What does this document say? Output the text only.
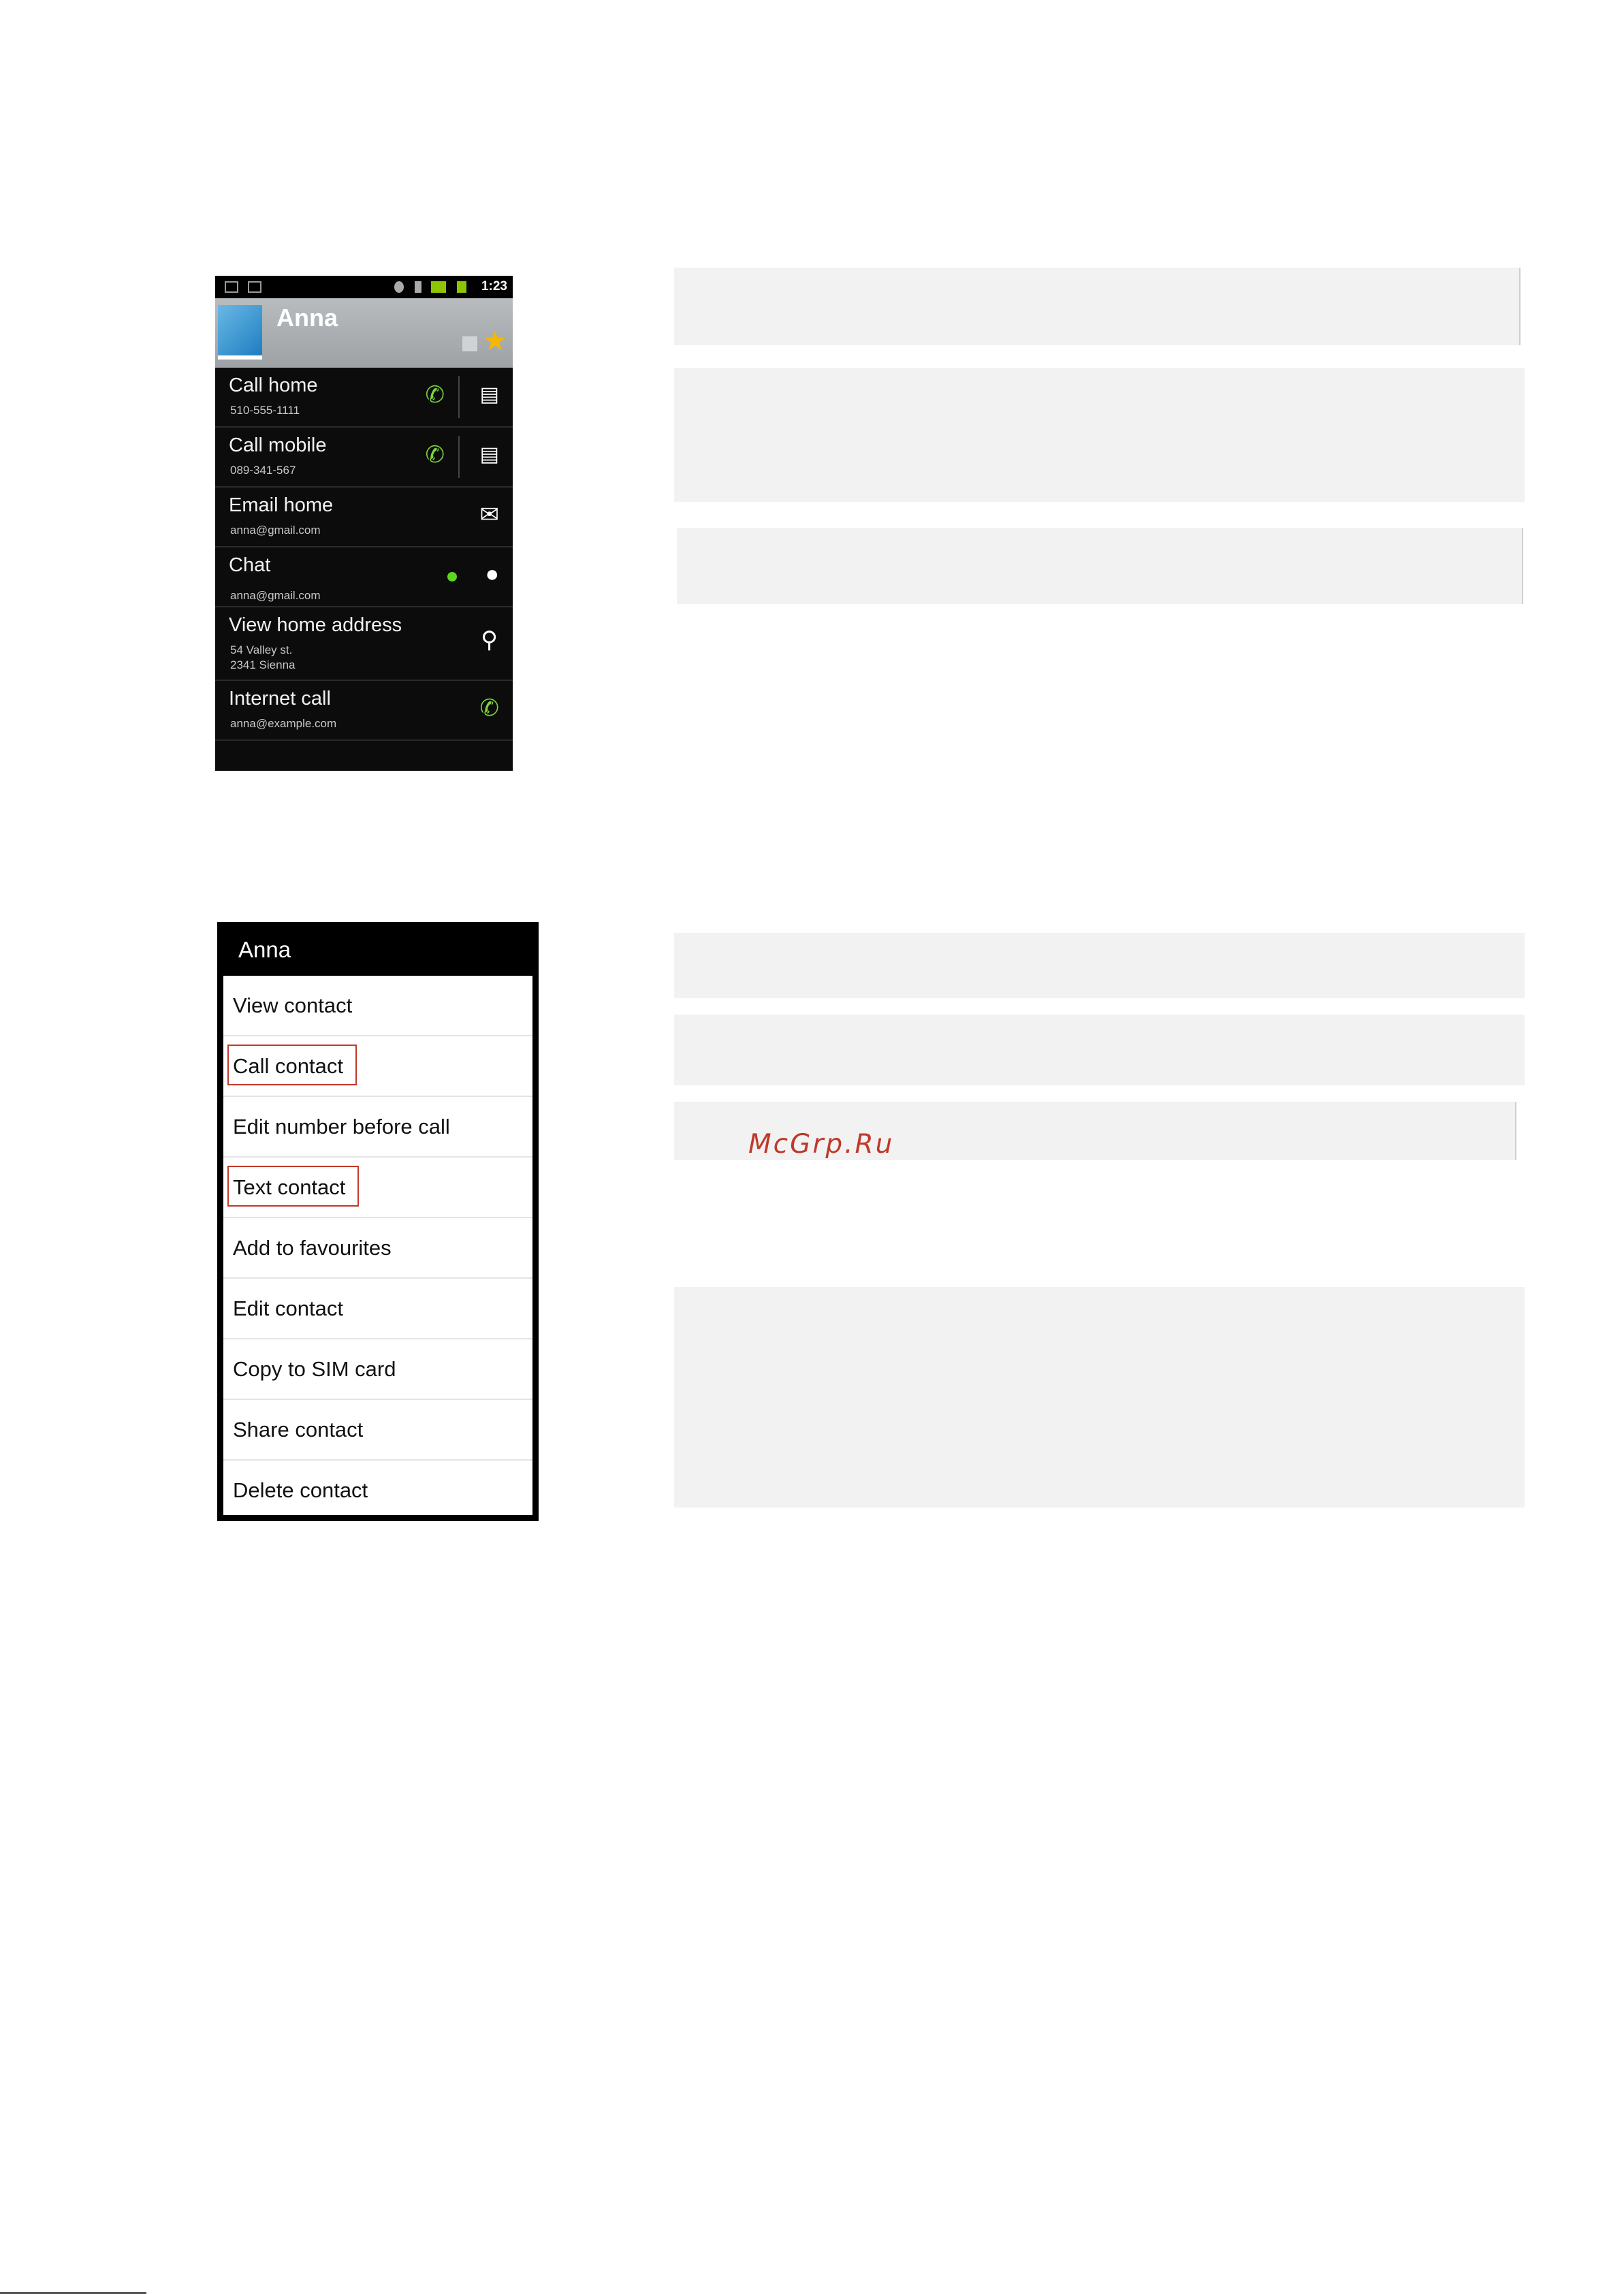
1:23
Anna
★
Call home
510-555-1111
✆ ▤
Call mobile
089-341-567
✆ ▤
Email home
anna@gmail.com
✉
Chat
anna@gmail.com
●
View home address
54 Valley st.
2341 Sienna
⚲
Internet call
anna@example.com
✆
Anna
View contact
Call contact
Edit number before call
Text contact
Add to favourites
Edit contact
Copy to SIM card
Share contact
Delete contact
McGrp.Ru
